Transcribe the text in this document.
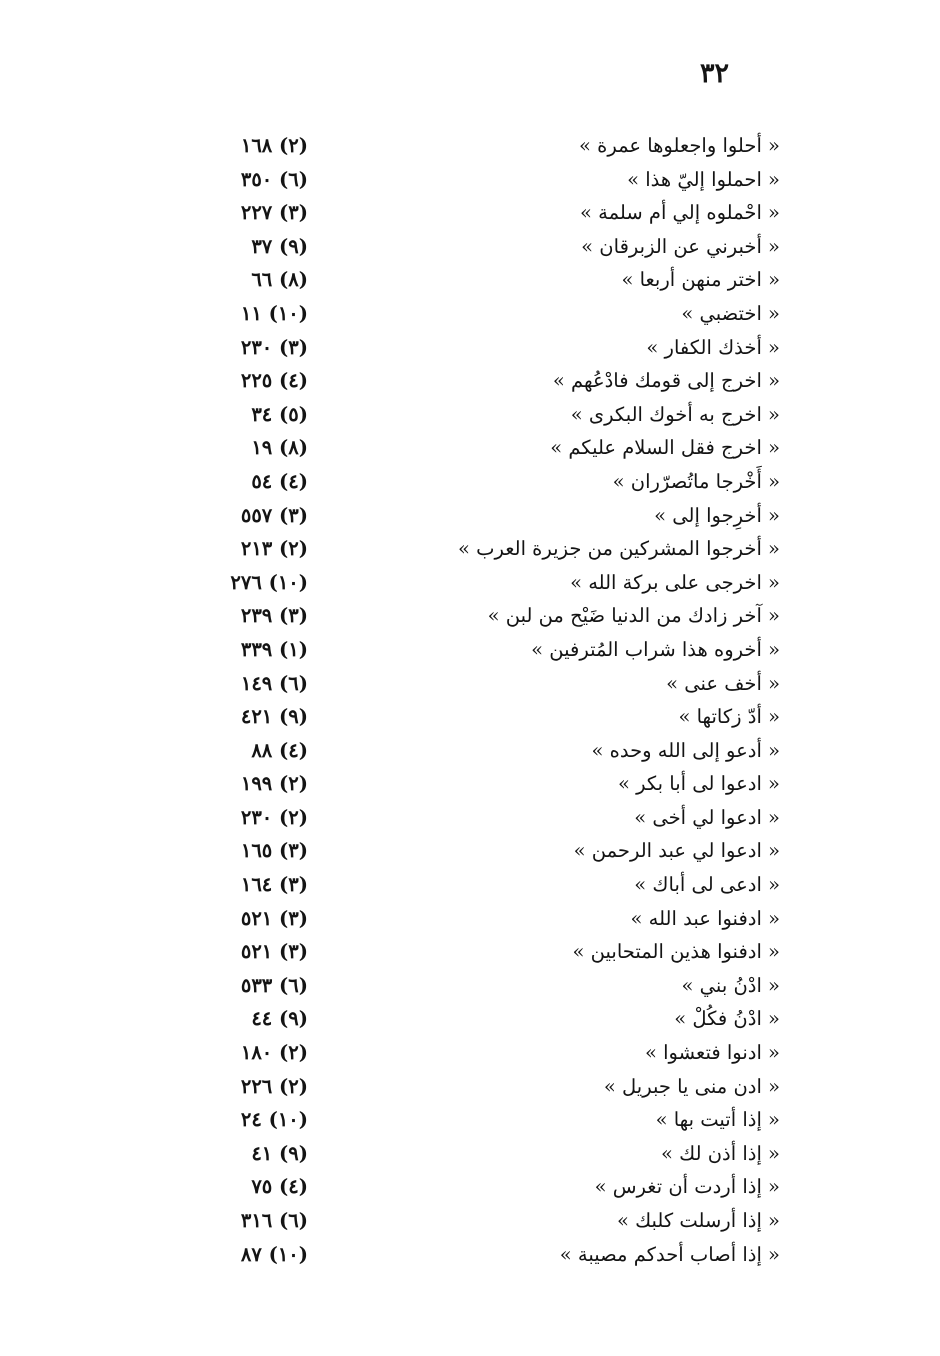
٣٢
« أحلوا واجعلوها عمرة »
(٢) ١٦٨
« احملوا إليّ هذا »
(٦) ٣٥٠
« احْملوه إلي أم سلمة »
(٣) ٢٢٧
« أخبرني عن الزبرقان »
(٩) ٣٧
« اختر منهن أربعا »
(٨) ٦٦
« اختضبي »
(١٠) ١١
« أخذك الكفار »
(٣) ٢٣٠
« اخرج إلى قومك فادْعُهم »
(٤) ٢٢٥
« اخرج به أخوك البكرى »
(٥) ٣٤
« اخرج فقل السلام عليكم »
(٨) ١٩
« أَخْرجا ماتُصرّران »
(٤) ٥٤
« أخرِجوا إلى »
(٣) ٥٥٧
« أخرجوا المشركين من جزيرة العرب »
(٢) ٢١٣
« اخرجى على بركة الله »
(١٠) ٢٧٦
« آخر زادك من الدنيا ضَيْح من لبن »
(٣) ٢٣٩
« أخروه هذا شراب المُترفين »
(١) ٣٣٩
« أخف عنى »
(٦) ١٤٩
« أدّ زكاتها »
(٩) ٤٢١
« أدعو إلى الله وحده »
(٤) ٨٨
« ادعوا لى أبا بكر »
(٢) ١٩٩
« ادعوا لي أخى »
(٢) ٢٣٠
« ادعوا لي عبد الرحمن »
(٣) ١٦٥
« ادعى لى أباك »
(٣) ١٦٤
« ادفنوا عبد الله »
(٣) ٥٢١
« ادفنوا هذين المتحابين »
(٣) ٥٢١
« ادْنُ بني »
(٦) ٥٣٣
« ادْنُ فكُلْ »
(٩) ٤٤
« ادنوا فتعشوا »
(٢) ١٨٠
« ادن منى يا جبريل »
(٢) ٢٢٦
« إذا أتيت بها »
(١٠) ٢٤
« إذا أذن لك »
(٩) ٤١
« إذا أردت أن تغرس »
(٤) ٧٥
« إذا أرسلت كلبك »
(٦) ٣١٦
« إذا أصاب أحدكم مصيبة »
(١٠) ٨٧
